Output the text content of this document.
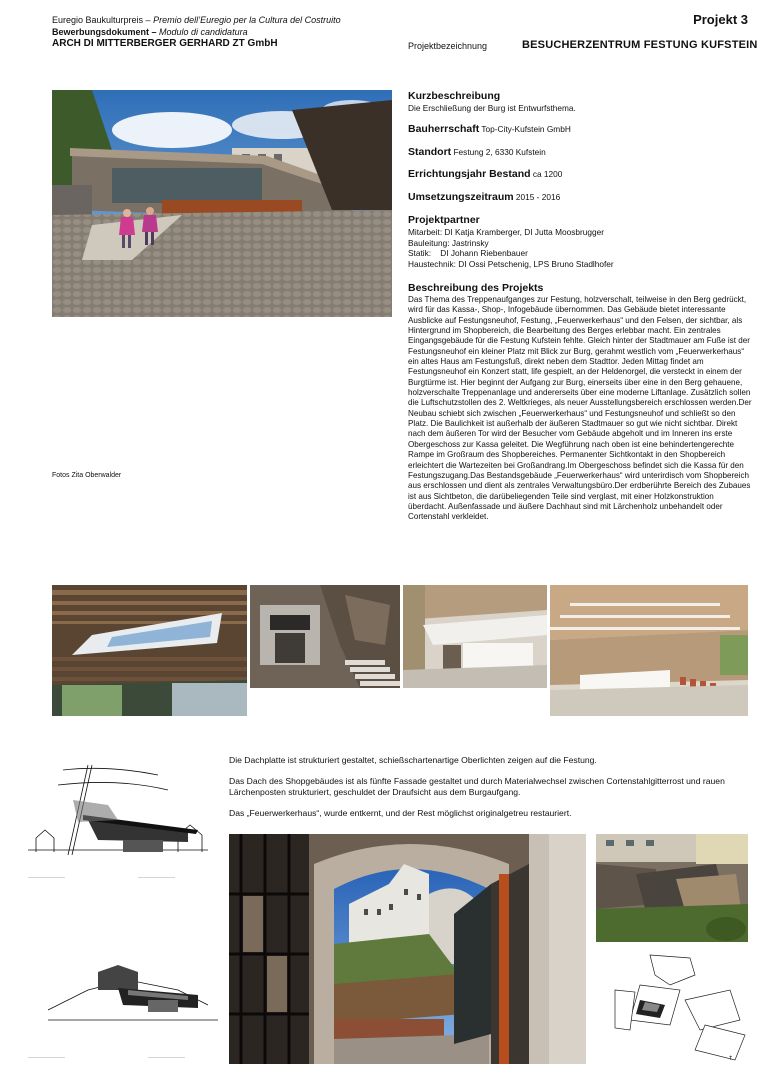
Euregio Baukulturpreis – Premio dell’Euregio per la Cultura del Costruito
Bewerbungsdokument – Modulo di candidatura
ARCH DI MITTERBERGER GERHARD ZT GmbH
Projekt 3
Projektbezeichnung	BESUCHERZENTRUM FESTUNG KUFSTEIN
Fotos Zita Oberwalder
Kurzbeschreibung
Die Erschließung der Burg ist Entwurfsthema.
Bauherrschaft Top-City-Kufstein GmbH
Standort Festung 2, 6330 Kufstein
Errichtungsjahr Bestand ca 1200
Umsetzungszeitraum 2015 - 2016
Projektpartner
Mitarbeit: DI Katja Kramberger, DI Jutta Moosbrugger
Bauleitung: Jastrinsky
Statik:    DI Johann Riebenbauer
Haustechnik: DI Ossi Petschenig, LPS Bruno Stadlhofer
Beschreibung des Projekts

Das Thema des Treppenaufganges zur Festung, holzverschalt, teilweise in den Berg gedrückt, wird für das Kassa-, Shop-, Infogebäude übernommen. Das Gebäude bietet interessante Ausblicke auf Festungsneuhof, Festung, „Feuerwerkerhaus“ und den Felsen, der sichtbar, als Hintergrund im Shopbereich, die Bearbeitung des Berges erlebbar macht. Ein zentrales Eingangsgebäude für die Festung Kufstein fehlte. Gleich hinter der Stadtmauer am Fuße ist der Festungsneuhof ein kleiner Platz mit Blick zur Burg, gerahmt westlich vom „Feuerwerkerhaus“ ein altes Haus am Festungsfuß, direkt neben dem Stadttor. Jeden Mittag findet am Festungsneuhof ein Konzert statt, life gespielt, an der Heldenorgel, die versteckt in einem der Burgtürme ist. Hier beginnt der Aufgang zur Burg, einerseits über eine in den Berg gehauene, holzverschalte Treppenanlage und andererseits über eine moderne Liftanlage. Zusätzlich sollen die Luftschutzstollen des 2. Weltkrieges, als neuer Ausstellungsbereich erschlossen werden.Der Neubau schiebt sich zwischen „Feuerwerkerhaus“ und Festungsneuhof und schließt so den Platz. Die Baulichkeit ist außerhalb der äußeren Stadtmauer so gut wie nicht sichtbar. Direkt nach dem äußeren Tor wird der Besucher vom Gebäude abgeholt und im Inneren ins erste Obergeschoss zur Kassa geleitet. Die Wegführung nach oben ist eine behindertengerechte Rampe im Großraum des Shopbereiches. Permanenter Sichtkontakt in den Shopbereich erleichtert die Wartezeiten bei Großandrang.Im Obergeschoss befindet sich die Kassa für den Festungszugang.Das Bestandsgebäude „Feuerwerkerhaus“ wird unterirdisch vom Shopbereich aus erschlossen und dient als zentrales Verwaltungsbüro.Der erdberührte Bereich des Zubaues ist aus Sichtbeton, die darübeliegenden Teile sind verglast, mit einer Holzkonstruktion überdacht. Außenfassade und äußere Dachhaut sind mit Lärchenholz unbehandelt oder Cortenstahl verkleidet.

Die Dachplatte ist strukturiert gestaltet, schießschartenartige Oberlichten zeigen auf die Festung.

Das Dach des Shopgebäudes ist als fünfte Fassade gestaltet und durch Materialwechsel zwischen Cortenstahlgitterrost und rauen Lärchenposten strukturiert, geschuldet der Draufsicht aus dem Burgaufgang.

Das „Feuerwerkerhaus“, wurde entkernt, und der Rest möglichst originalgetreu restauriert.

–––––––––––––––––––	–––––––––––––––––––
–––––––––––––––––––	–––––––––––––––––––	↑
